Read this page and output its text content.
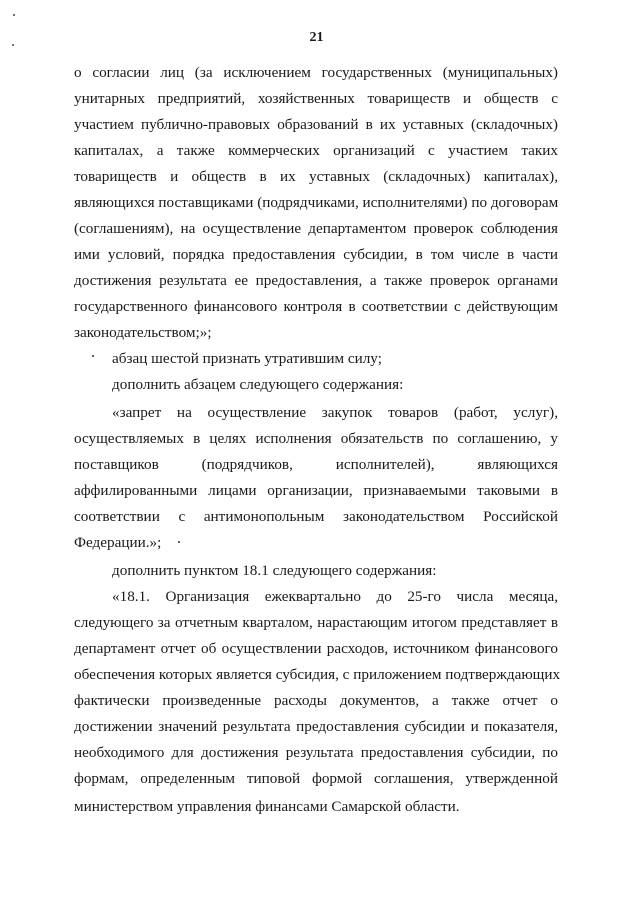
21
о согласии лиц (за исключением государственных (муниципальных)
унитарных предприятий, хозяйственных товариществ и обществ с
участием публично-правовых образований в их уставных (складочных)
капиталах, а также коммерческих организаций с участием таких
товариществ и обществ в их уставных (складочных) капиталах),
являющихся поставщиками (подрядчиками, исполнителями) по договорам
(соглашениям), на осуществление департаментом проверок соблюдения
ими условий, порядка предоставления субсидии, в том числе в части
достижения результата ее предоставления, а также проверок органами
государственного финансового контроля в соответствии с действующим
законодательством;»;
абзац шестой признать утратившим силу;
дополнить абзацем следующего содержания:
«запрет на осуществление закупок товаров (работ, услуг),
осуществляемых в целях исполнения обязательств по соглашению, у
поставщиков (подрядчиков, исполнителей), являющихся
аффилированными лицами организации, признаваемыми таковыми в
соответствии с антимонопольным законодательством Российской
Федерации.»;
дополнить пунктом 18.1 следующего содержания:
«18.1. Организация ежеквартально до 25-го числа месяца,
следующего за отчетным кварталом, нарастающим итогом представляет в
департамент отчет об осуществлении расходов, источником финансового
обеспечения которых является субсидия, с приложением подтверждающих
фактически произведенные расходы документов, а также отчет о
достижении значений результата предоставления субсидии и показателя,
необходимого для достижения результата предоставления субсидии, по
формам, определенным типовой формой соглашения, утвержденной
министерством управления финансами Самарской области.
